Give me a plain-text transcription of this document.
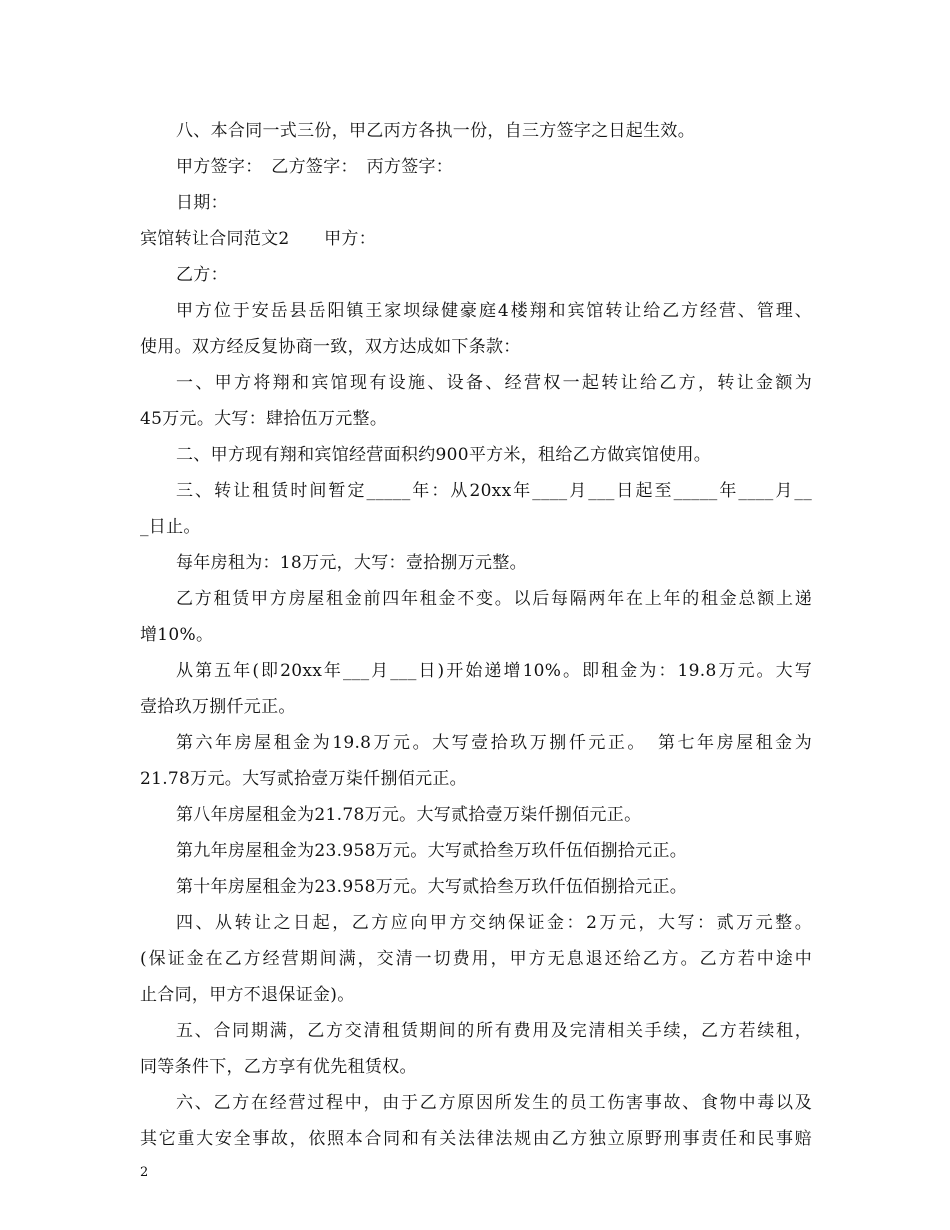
八、本合同一式三份，甲乙丙方各执一份，自三方签字之日起生效。
甲方签字：　乙方签字：　丙方签字：
日期：
宾馆转让合同范文2　　甲方：
乙方：
甲方位于安岳县岳阳镇王家坝绿健豪庭4楼翔和宾馆转让给乙方经营、管理、
使用。双方经反复协商一致，双方达成如下条款：
一、甲方将翔和宾馆现有设施、设备、经营权一起转让给乙方，转让金额为
45万元。大写：肆拾伍万元整。
二、甲方现有翔和宾馆经营面积约900平方米，租给乙方做宾馆使用。
三、转让租赁时间暂定_____年：从20xx年____月___日起至_____年____月__
_日止。
每年房租为：18万元，大写：壹拾捌万元整。
乙方租赁甲方房屋租金前四年租金不变。以后每隔两年在上年的租金总额上递
增10%。
从第五年(即20xx年___月___日)开始递增10%。即租金为：19.8万元。大写
壹拾玖万捌仟元正。
第六年房屋租金为19.8万元。大写壹拾玖万捌仟元正。　第七年房屋租金为
21.78万元。大写贰拾壹万柒仟捌佰元正。
第八年房屋租金为21.78万元。大写贰拾壹万柒仟捌佰元正。
第九年房屋租金为23.958万元。大写贰拾叁万玖仟伍佰捌拾元正。
第十年房屋租金为23.958万元。大写贰拾叁万玖仟伍佰捌拾元正。
四、从转让之日起，乙方应向甲方交纳保证金：2万元，大写：贰万元整。
(保证金在乙方经营期间满，交清一切费用，甲方无息退还给乙方。乙方若中途中
止合同，甲方不退保证金)。
五、合同期满，乙方交清租赁期间的所有费用及完清相关手续，乙方若续租，
同等条件下，乙方享有优先租赁权。
六、乙方在经营过程中，由于乙方原因所发生的员工伤害事故、食物中毒以及
其它重大安全事故，依照本合同和有关法律法规由乙方独立原野刑事责任和民事赔
2
